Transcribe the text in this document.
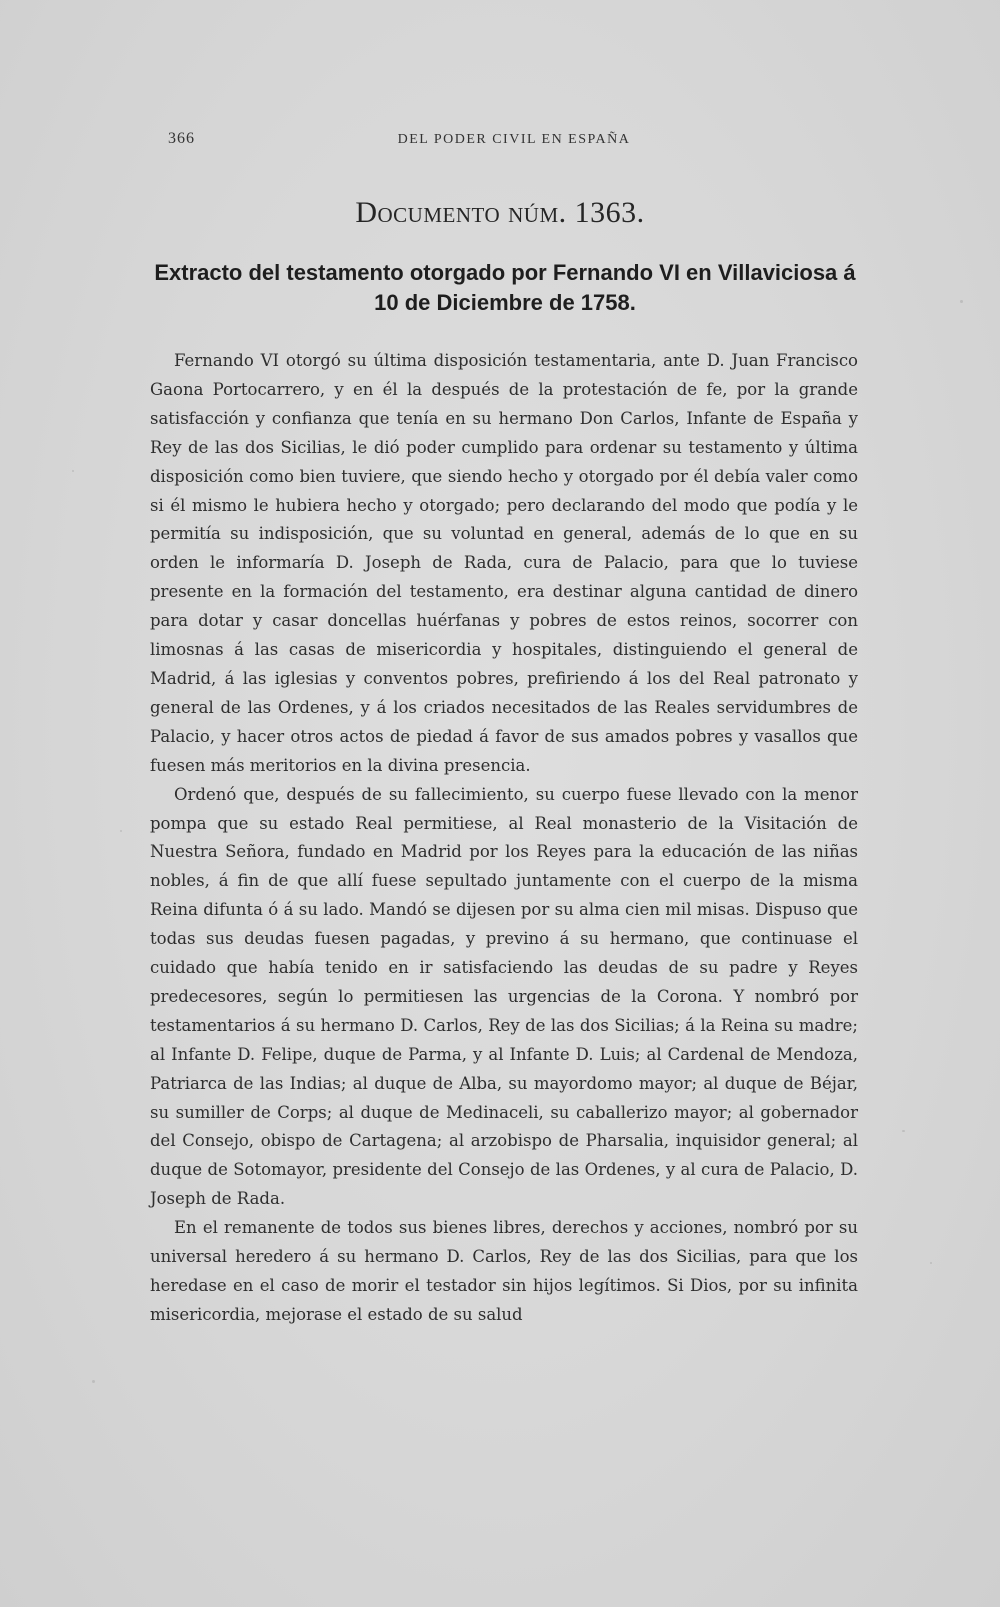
366	DEL PODER CIVIL EN ESPAÑA
Documento núm. 1363.
Extracto del testamento otorgado por Fernando VI en Villaviciosa á 10 de Diciembre de 1758.

Fernando VI otorgó su última disposición testamentaria, ante D. Juan Francisco Gaona Portocarrero, y en él la después de la protestación de fe, por la grande satisfacción y confianza que tenía en su hermano Don Carlos, Infante de España y Rey de las dos Sicilias, le dió poder cumplido para ordenar su testamento y última disposición como bien tuviere, que siendo hecho y otorgado por él debía valer como si él mismo le hubiera hecho y otorgado; pero declarando del modo que podía y le permitía su indisposición, que su voluntad en general, además de lo que en su orden le informaría D. Joseph de Rada, cura de Palacio, para que lo tuviese presente en la formación del testamento, era destinar alguna cantidad de dinero para dotar y casar doncellas huérfanas y pobres de estos reinos, socorrer con limosnas á las casas de misericordia y hospitales, distinguiendo el general de Madrid, á las iglesias y conventos pobres, prefiriendo á los del Real patronato y general de las Ordenes, y á los criados necesitados de las Reales servidumbres de Palacio, y hacer otros actos de piedad á favor de sus amados pobres y vasallos que fuesen más meritorios en la divina presencia.

Ordenó que, después de su fallecimiento, su cuerpo fuese llevado con la menor pompa que su estado Real permitiese, al Real monasterio de la Visitación de Nuestra Señora, fundado en Madrid por los Reyes para la educación de las niñas nobles, á fin de que allí fuese sepultado juntamente con el cuerpo de la misma Reina difunta ó á su lado. Mandó se dijesen por su alma cien mil misas. Dispuso que todas sus deudas fuesen pagadas, y previno á su hermano, que continuase el cuidado que había tenido en ir satisfaciendo las deudas de su padre y Reyes predecesores, según lo permitiesen las urgencias de la Corona. Y nombró por testamentarios á su hermano D. Carlos, Rey de las dos Sicilias; á la Reina su madre; al Infante D. Felipe, duque de Parma, y al Infante D. Luis; al Cardenal de Mendoza, Patriarca de las Indias; al duque de Alba, su mayordomo mayor; al duque de Béjar, su sumiller de Corps; al duque de Medinaceli, su caballerizo mayor; al gobernador del Consejo, obispo de Cartagena; al arzobispo de Pharsalia, inquisidor general; al duque de Sotomayor, presidente del Consejo de las Ordenes, y al cura de Palacio, D. Joseph de Rada.

En el remanente de todos sus bienes libres, derechos y acciones, nombró por su universal heredero á su hermano D. Carlos, Rey de las dos Sicilias, para que los heredase en el caso de morir el testador sin hijos legítimos. Si Dios, por su infinita misericordia, mejorase el estado de su salud
